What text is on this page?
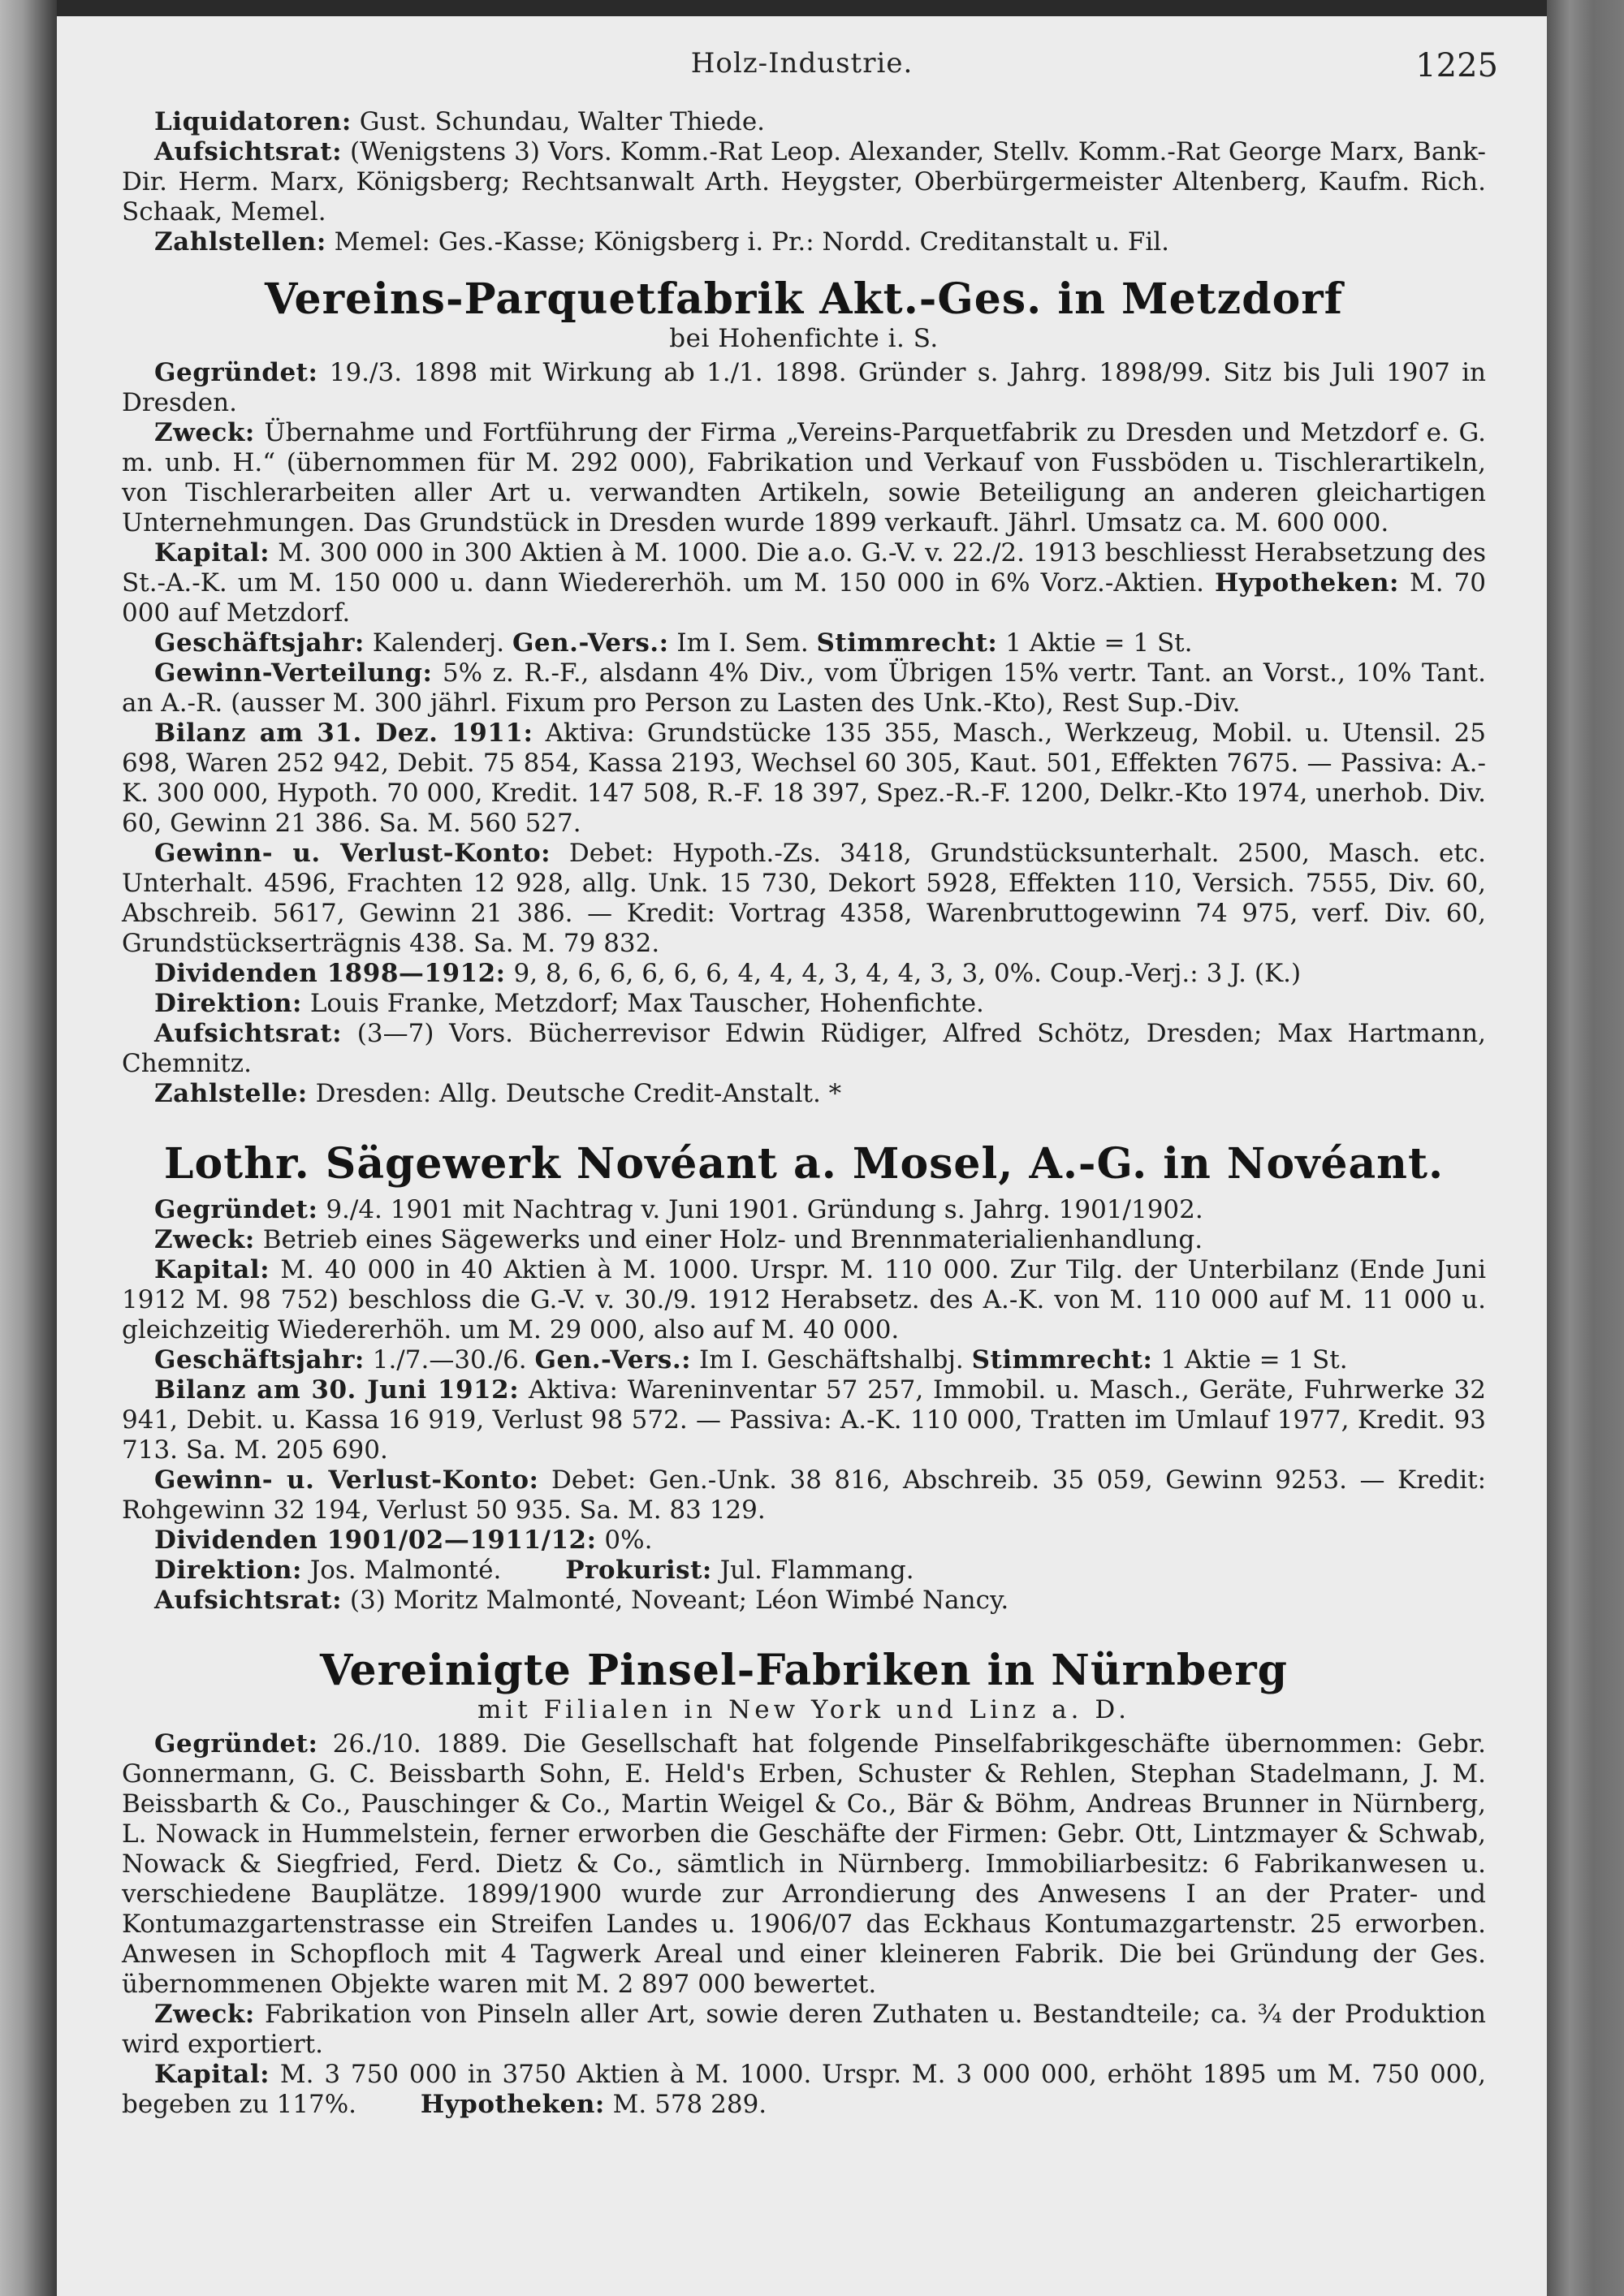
Holz-Industrie.	1225

Liquidatoren: Gust. Schundau, Walter Thiede.

Aufsichtsrat: (Wenigstens 3) Vors. Komm.-Rat Leop. Alexander, Stellv. Komm.-Rat George Marx, Bank-Dir. Herm. Marx, Königsberg; Rechtsanwalt Arth. Heygster, Oberbürgermeister Altenberg, Kaufm. Rich. Schaak, Memel.

Zahlstellen: Memel: Ges.-Kasse; Königsberg i. Pr.: Nordd. Creditanstalt u. Fil.

Vereins-Parquetfabrik Akt.-Ges. in Metzdorf
bei Hohenfichte i. S.

Gegründet: 19./3. 1898 mit Wirkung ab 1./1. 1898. Gründer s. Jahrg. 1898/99. Sitz bis Juli 1907 in Dresden.

Zweck: Übernahme und Fortführung der Firma „Vereins-Parquetfabrik zu Dresden und Metzdorf e. G. m. unb. H.“ (übernommen für M. 292 000), Fabrikation und Verkauf von Fussböden u. Tischlerartikeln, von Tischlerarbeiten aller Art u. verwandten Artikeln, sowie Beteiligung an anderen gleichartigen Unternehmungen. Das Grundstück in Dresden wurde 1899 verkauft. Jährl. Umsatz ca. M. 600 000.

Kapital: M. 300 000 in 300 Aktien à M. 1000. Die a.o. G.-V. v. 22./2. 1913 beschliesst Herabsetzung des St.-A.-K. um M. 150 000 u. dann Wiedererhöh. um M. 150 000 in 6% Vorz.-Aktien. Hypotheken: M. 70 000 auf Metzdorf.

Geschäftsjahr: Kalenderj. Gen.-Vers.: Im I. Sem. Stimmrecht: 1 Aktie = 1 St.

Gewinn-Verteilung: 5% z. R.-F., alsdann 4% Div., vom Übrigen 15% vertr. Tant. an Vorst., 10% Tant. an A.-R. (ausser M. 300 jährl. Fixum pro Person zu Lasten des Unk.-Kto), Rest Sup.-Div.

Bilanz am 31. Dez. 1911: Aktiva: Grundstücke 135 355, Masch., Werkzeug, Mobil. u. Utensil. 25 698, Waren 252 942, Debit. 75 854, Kassa 2193, Wechsel 60 305, Kaut. 501, Effekten 7675. — Passiva: A.-K. 300 000, Hypoth. 70 000, Kredit. 147 508, R.-F. 18 397, Spez.-R.-F. 1200, Delkr.-Kto 1974, unerhob. Div. 60, Gewinn 21 386. Sa. M. 560 527.

Gewinn- u. Verlust-Konto: Debet: Hypoth.-Zs. 3418, Grundstücksunterhalt. 2500, Masch. etc. Unterhalt. 4596, Frachten 12 928, allg. Unk. 15 730, Dekort 5928, Effekten 110, Versich. 7555, Div. 60, Abschreib. 5617, Gewinn 21 386. — Kredit: Vortrag 4358, Warenbruttogewinn 74 975, verf. Div. 60, Grundstückserträgnis 438. Sa. M. 79 832.

Dividenden 1898—1912: 9, 8, 6, 6, 6, 6, 6, 4, 4, 4, 3, 4, 4, 3, 3, 0%. Coup.-Verj.: 3 J. (K.)

Direktion: Louis Franke, Metzdorf; Max Tauscher, Hohenfichte.

Aufsichtsrat: (3—7) Vors. Bücherrevisor Edwin Rüdiger, Alfred Schötz, Dresden; Max Hartmann, Chemnitz.

Zahlstelle: Dresden: Allg. Deutsche Credit-Anstalt. *

Lothr. Sägewerk Novéant a. Mosel, A.-G. in Novéant.

Gegründet: 9./4. 1901 mit Nachtrag v. Juni 1901. Gründung s. Jahrg. 1901/1902.

Zweck: Betrieb eines Sägewerks und einer Holz- und Brennmaterialienhandlung.

Kapital: M. 40 000 in 40 Aktien à M. 1000. Urspr. M. 110 000. Zur Tilg. der Unterbilanz (Ende Juni 1912 M. 98 752) beschloss die G.-V. v. 30./9. 1912 Herabsetz. des A.-K. von M. 110 000 auf M. 11 000 u. gleichzeitig Wiedererhöh. um M. 29 000, also auf M. 40 000.

Geschäftsjahr: 1./7.—30./6. Gen.-Vers.: Im I. Geschäftshalbj. Stimmrecht: 1 Aktie = 1 St.

Bilanz am 30. Juni 1912: Aktiva: Wareninventar 57 257, Immobil. u. Masch., Geräte, Fuhrwerke 32 941, Debit. u. Kassa 16 919, Verlust 98 572. — Passiva: A.-K. 110 000, Tratten im Umlauf 1977, Kredit. 93 713. Sa. M. 205 690.

Gewinn- u. Verlust-Konto: Debet: Gen.-Unk. 38 816, Abschreib. 35 059, Gewinn 9253. — Kredit: Rohgewinn 32 194, Verlust 50 935. Sa. M. 83 129.

Dividenden 1901/02—1911/12: 0%.

Direktion: Jos. Malmonté.	Prokurist: Jul. Flammang.

Aufsichtsrat: (3) Moritz Malmonté, Noveant; Léon Wimbé Nancy.

Vereinigte Pinsel-Fabriken in Nürnberg
mit Filialen in New York und Linz a. D.

Gegründet: 26./10. 1889. Die Gesellschaft hat folgende Pinselfabrikgeschäfte übernommen: Gebr. Gonnermann, G. C. Beissbarth Sohn, E. Held's Erben, Schuster & Rehlen, Stephan Stadelmann, J. M. Beissbarth & Co., Pauschinger & Co., Martin Weigel & Co., Bär & Böhm, Andreas Brunner in Nürnberg, L. Nowack in Hummelstein, ferner erworben die Geschäfte der Firmen: Gebr. Ott, Lintzmayer & Schwab, Nowack & Siegfried, Ferd. Dietz & Co., sämtlich in Nürnberg. Immobiliarbesitz: 6 Fabrikanwesen u. verschiedene Bauplätze. 1899/1900 wurde zur Arrondierung des Anwesens I an der Prater- und Kontumazgartenstrasse ein Streifen Landes u. 1906/07 das Eckhaus Kontumazgartenstr. 25 erworben. Anwesen in Schopfloch mit 4 Tagwerk Areal und einer kleineren Fabrik. Die bei Gründung der Ges. übernommenen Objekte waren mit M. 2 897 000 bewertet.

Zweck: Fabrikation von Pinseln aller Art, sowie deren Zuthaten u. Bestandteile; ca. ¾ der Produktion wird exportiert.

Kapital: M. 3 750 000 in 3750 Aktien à M. 1000. Urspr. M. 3 000 000, erhöht 1895 um M. 750 000, begeben zu 117%.	Hypotheken: M. 578 289.
